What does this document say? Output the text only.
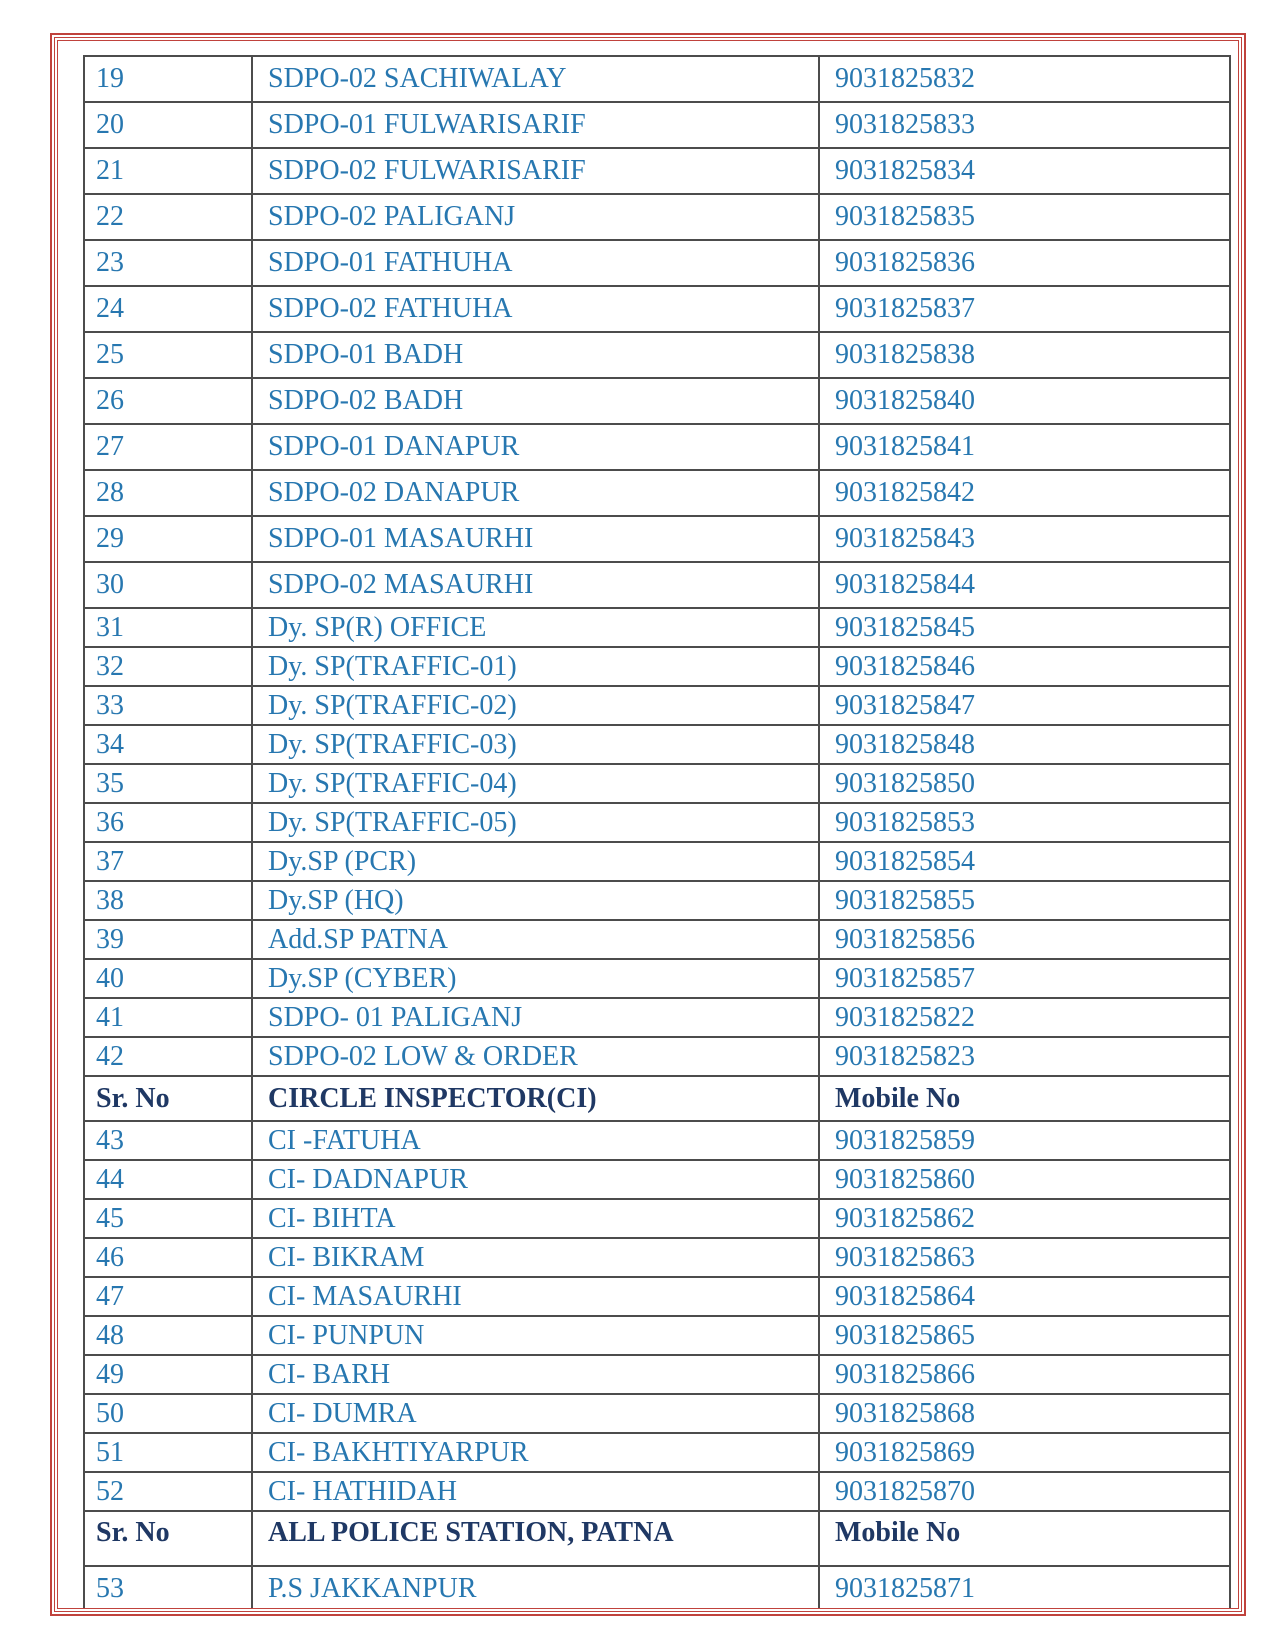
19	SDPO-02 SACHIWALAY	9031825832
20	SDPO-01 FULWARISARIF	9031825833
21	SDPO-02 FULWARISARIF	9031825834
22	SDPO-02 PALIGANJ	9031825835
23	SDPO-01 FATHUHA	9031825836
24	SDPO-02 FATHUHA	9031825837
25	SDPO-01 BADH	9031825838
26	SDPO-02 BADH	9031825840
27	SDPO-01 DANAPUR	9031825841
28	SDPO-02 DANAPUR	9031825842
29	SDPO-01 MASAURHI	9031825843
30	SDPO-02 MASAURHI	9031825844
31	Dy. SP(R) OFFICE	9031825845
32	Dy. SP(TRAFFIC-01)	9031825846
33	Dy. SP(TRAFFIC-02)	9031825847
34	Dy. SP(TRAFFIC-03)	9031825848
35	Dy. SP(TRAFFIC-04)	9031825850
36	Dy. SP(TRAFFIC-05)	9031825853
37	Dy.SP (PCR)	9031825854
38	Dy.SP (HQ)	9031825855
39	Add.SP PATNA	9031825856
40	Dy.SP (CYBER)	9031825857
41	SDPO- 01 PALIGANJ	9031825822
42	SDPO-02 LOW & ORDER	9031825823
Sr. No	CIRCLE INSPECTOR(CI)	Mobile No
43	CI -FATUHA	9031825859
44	CI- DADNAPUR	9031825860
45	CI- BIHTA	9031825862
46	CI- BIKRAM	9031825863
47	CI- MASAURHI	9031825864
48	CI- PUNPUN	9031825865
49	CI- BARH	9031825866
50	CI- DUMRA	9031825868
51	CI- BAKHTIYARPUR	9031825869
52	CI- HATHIDAH	9031825870
Sr. No	ALL POLICE STATION, PATNA	Mobile No
53	P.S JAKKANPUR	9031825871
